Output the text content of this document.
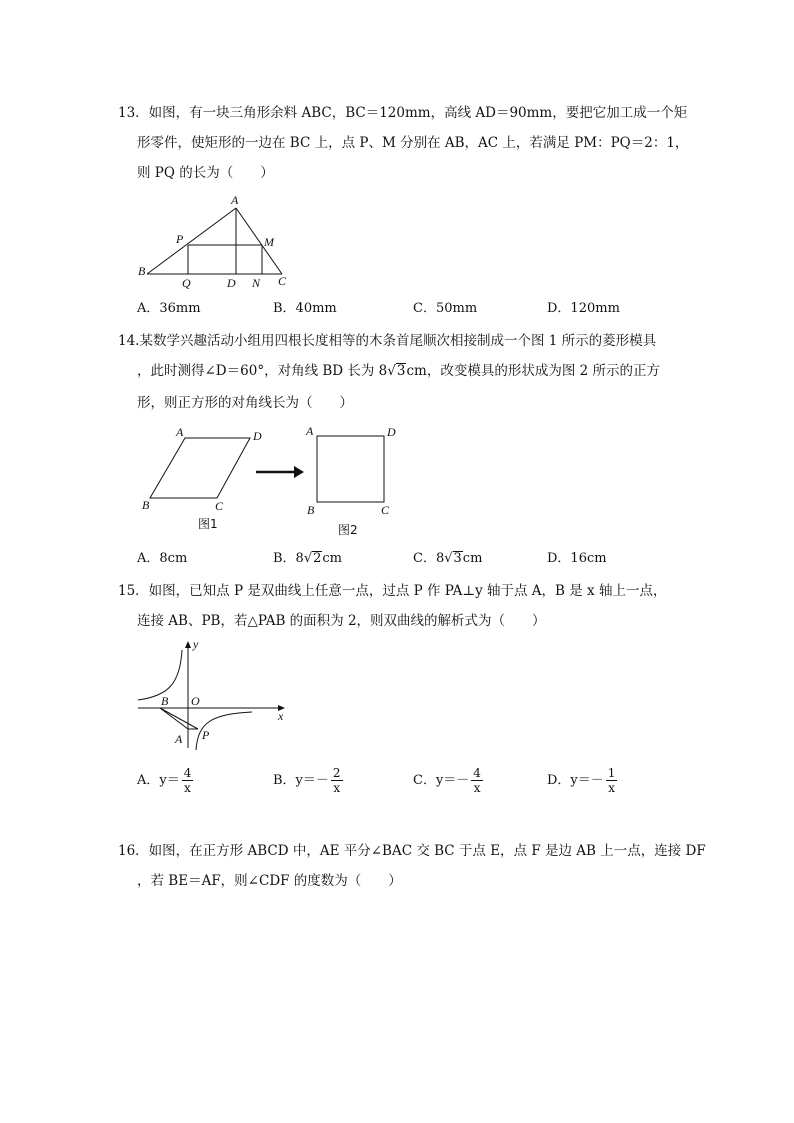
13．如图，有一块三角形余料 ABC，BC＝120mm，高线 AD＝90mm，要把它加工成一个矩
形零件，使矩形的一边在 BC 上，点 P、M 分别在 AB，AC 上，若满足 PM：PQ＝2：1，
则 PQ 的长为（　　）
A
P	M
B
Q	D N C
A．36mm	B．40mm	C．50mm	D．120mm
14.某数学兴趣活动小组用四根长度相等的木条首尾顺次相接制成一个图 1 所示的菱形模具
，此时测得∠D＝60°，对角线 BD 长为 8√3cm，改变模具的形状成为图 2 所示的正方
形，则正方形的对角线长为（　　）
A	D
B	C
图1
A	D
B	C
图2
A．8cm	B．8√2cm	C．8√3cm	D．16cm
15．如图，已知点 P 是双曲线上任意一点，过点 P 作 PA⊥y 轴于点 A，B 是 x 轴上一点，
连接 AB、PB，若△PAB 的面积为 2，则双曲线的解析式为（　　）
y
B O
x
A P
A．$y= \frac{4}{x}$	B．$y=- \frac{2}{x}$	C．$y=- \frac{4}{x}$	D．$y=- \frac{1}{x}$
16．如图，在正方形 ABCD 中，AE 平分∠BAC 交 BC 于点 E，点 F 是边 AB 上一点，连接 DF
，若 BE＝AF，则∠CDF 的度数为（　　）
